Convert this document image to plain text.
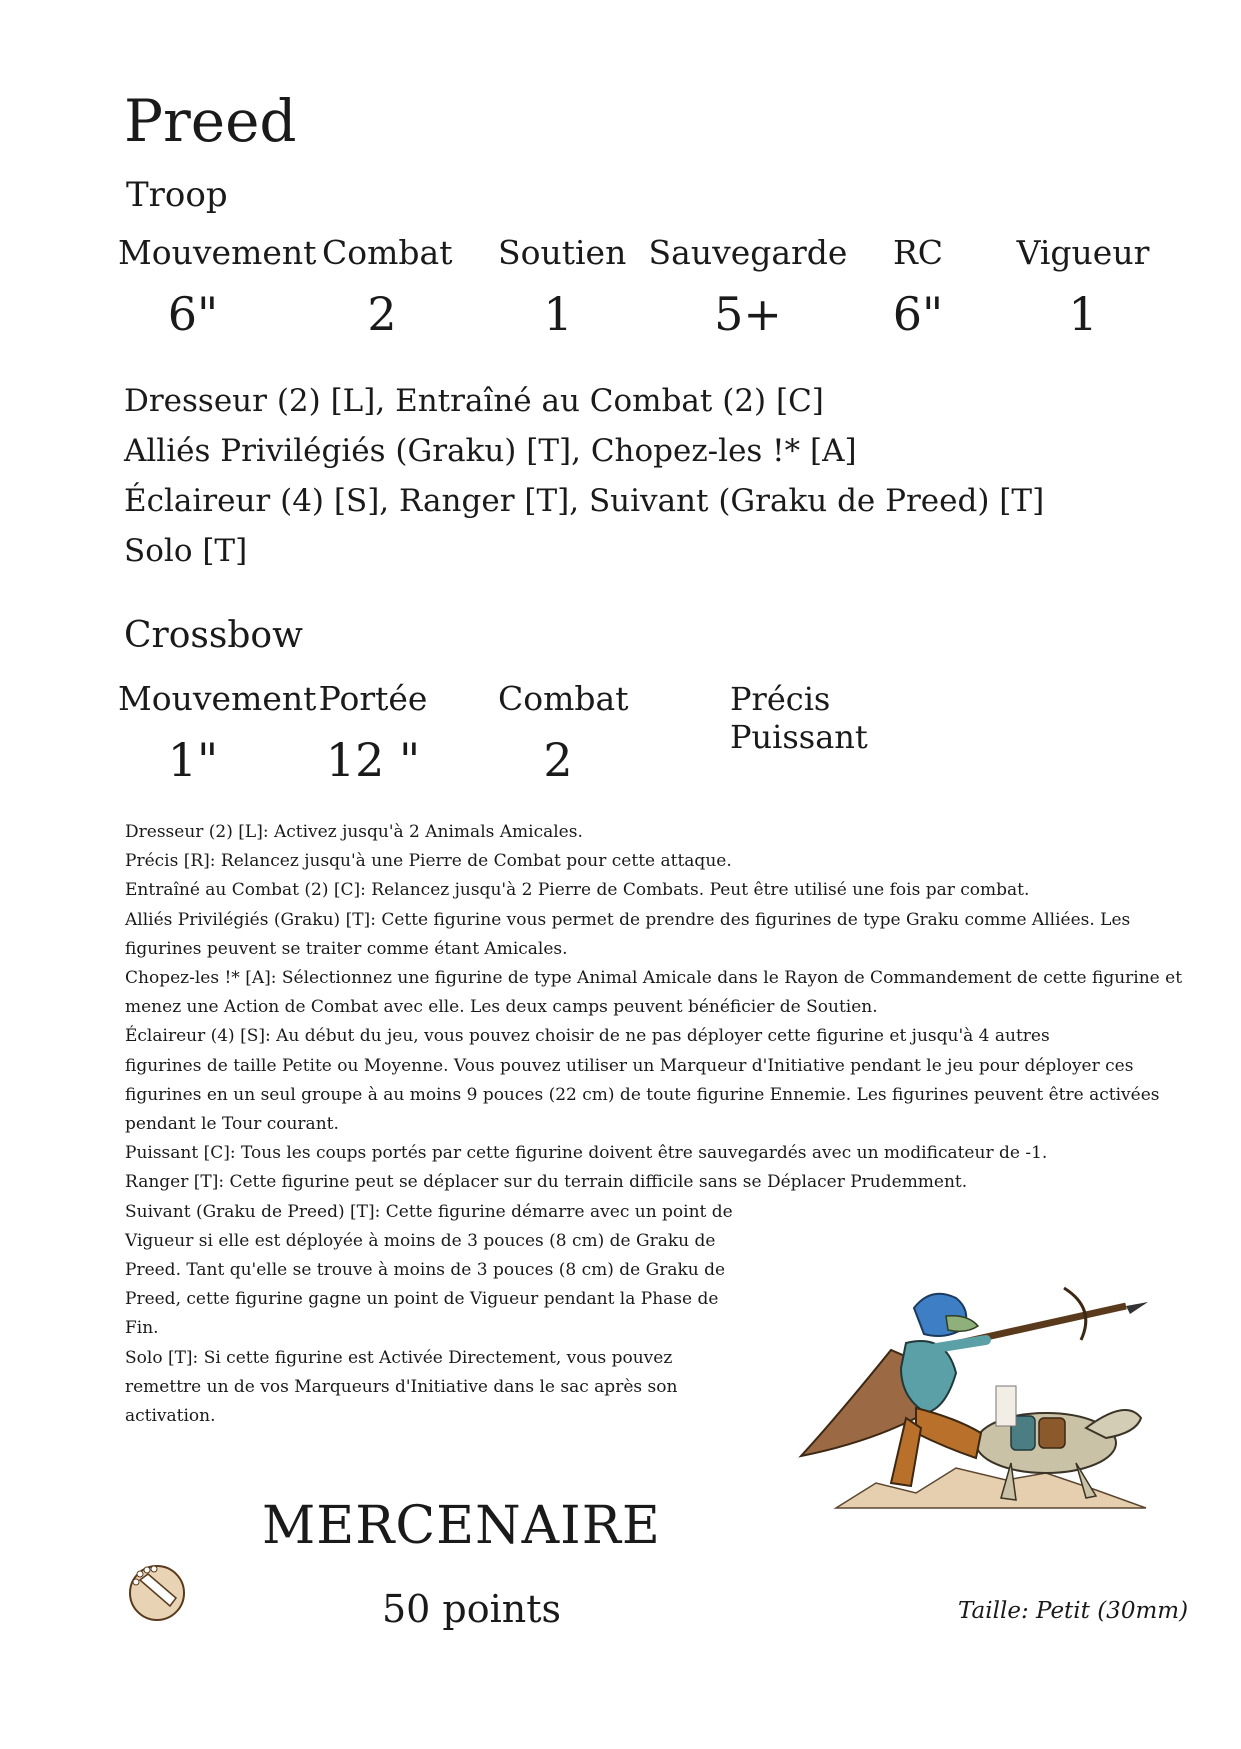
Preed
Troop
Mouvement
6"
Combat
2
Soutien
1
Sauvegarde
5+
RC
6"
Vigueur
1
Dresseur (2) [L], Entraîné au Combat (2) [C]
Alliés Privilégiés (Graku) [T], Chopez-les !* [A]
Éclaireur (4) [S], Ranger [T], Suivant (Graku de Preed) [T]
Solo [T]
Crossbow
Mouvement
1"
Portée
12 "
Combat
2
Précis
Puissant
Dresseur (2) [L]: Activez jusqu'à 2 Animals Amicales.
Précis [R]: Relancez jusqu'à une Pierre de Combat pour cette attaque.
Entraîné au Combat (2) [C]: Relancez jusqu'à 2 Pierre de Combats. Peut être utilisé une fois par combat.
Alliés Privilégiés (Graku) [T]: Cette figurine vous permet de prendre des figurines de type Graku comme Alliées. Les
figurines peuvent se traiter comme étant Amicales.
Chopez-les !* [A]: Sélectionnez une figurine de type Animal Amicale dans le Rayon de Commandement de cette figurine et
menez une Action de Combat avec elle. Les deux camps peuvent bénéficier de Soutien.
Éclaireur (4) [S]: Au début du jeu, vous pouvez choisir de ne pas déployer cette figurine et jusqu'à 4 autres
figurines de taille Petite ou Moyenne. Vous pouvez utiliser un Marqueur d'Initiative pendant le jeu pour déployer ces
figurines en un seul groupe à au moins 9 pouces (22 cm) de toute figurine Ennemie. Les figurines peuvent être activées
pendant le Tour courant.
Puissant [C]: Tous les coups portés par cette figurine doivent être sauvegardés avec un modificateur de -1.
Ranger [T]: Cette figurine peut se déplacer sur du terrain difficile sans se Déplacer Prudemment.
Suivant (Graku de Preed) [T]: Cette figurine démarre avec un point de
Vigueur si elle est déployée à moins de 3 pouces (8 cm) de Graku de
Preed. Tant qu'elle se trouve à moins de 3 pouces (8 cm) de Graku de
Preed, cette figurine gagne un point de Vigueur pendant la Phase de
Fin.
Solo [T]: Si cette figurine est Activée Directement, vous pouvez
remettre un de vos Marqueurs d'Initiative dans le sac après son
activation.
MERCENAIRE
50 points	Taille: Petit (30mm)
